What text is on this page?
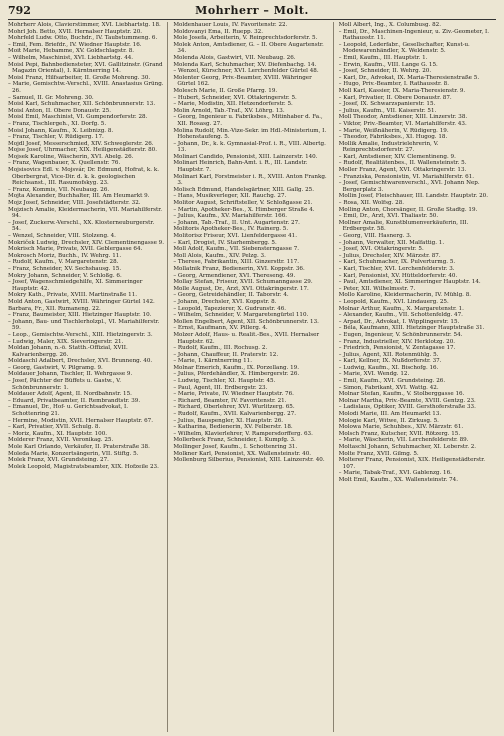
792	Mohrherr – Molt.

Mohrherr Alois, Clavierstimmer, XVI. Liebhartstg. 18.

Mohrl Joh. Betto, XVII. Hernalser Hauptstr. 20.

Mohrfeld Ludw. Otto, Buchdr., IV. Taubstummeng. 6.

– Emil, Fem. Briefdr., IV. Wiedner Hauptstr. 16.

Moit Marie, Hebamme, XV. Goldschlagstr. 8.

– Wilhelm, Maschinist, XVI. Liebhartstg. 44.

Moisl Pepi, Bahnbediensteter, XVI. Gallitzinstr. (Grand Magazin Oriental), I. Kärntnerring 14.

Moisl Franz, Hilfsarbeiter, II. Große Mohreng. 30.

– Marie, Gemischtw.-Verschl., XVIII. Anastasius Grüng. 26.

– Samuel, II. Gr. Mohreng. 30.

Moisl Karl, Schuhmacher, XII. Schönbrunnerstr. 13.

Moisl Anton, II. Obere Donaustr. 25.

Moisl Emil, Maschinist, VI. Gumpendorferstr. 28.

– Franz, Tischlergeh., XI. Dorfg. 5.

Moisl Johann, Kaufm., X. Leibnizg. 8.

– Franz, Tischler, V. Rüdigerg. 17.

Mojdl Josef, Messerschmied, XIV. Schweglerstr. 26.

Mojse Josef, Uhrmacher, XIX. Heiligenstädterstr. 80.

Mojsek Karoline, Wäscherin, XVI. Abelg. 26.

– Franz, Wagenbauer, X. Quellenstr. 76.

Mojsisovics Edl. v. Mojsvár, Dr. Edmund, Hofrat, k. k. Oberbergrat, Vice-Dir. d. k. k. geologischen Reichsanst., III. Rasumofskyg. 23.

– Franz, Kommis, VII. Neubaug. 26.

Mojta Alexander, Buchhalter, III. Am Heumarkt 9.

Mojz Josef, Schneider, VIII. Josefstädterstr. 32.

Mojzisch Amalie, Kleidermacherin, VII. Mariahilferstr. 94.

– Josef, Zuckerw.-Verschl., XX. Klosterneuburgerstr. 54.

– Wenzel, Schneider, VIII. Stolzeng. 4.

Mokriček Ludwig, Drechsler, XIV. Clementinengasse 9.

Mokrisch Marie, Private, XVII. Geblergasse 64.

Mokrosch Moriz, Buchh., IV. Wehrg. 11.

– Rudolf, Kaufm., V. Margaretenstr. 28.

– Franz, Schneider, XV. Sechshausg. 15.

Mokry Johann, Schneider, V. Schloßg. 6.

– Josef, Wagenschmiedgehilfe, XI. Simmeringer Hauptstr. 42.

Mokry Kath., Private, XVIII. Martinstraße 11.

Mold Anton, Gastwirt, XVIII. Währinger Gürtel 142.

Barbara, Fr., XII. Rumaneng. 22.

– Franz, Baumeister, XIII. Hietzinger Hauptstr. 10.

– Johann, Bau- und Tischlerholzpl., VI. Mariahilferstr. 59.

– Leop., Gemischtw.-Verschl., XIII. Hietzingerstr. 3.

– Ludwig, Maler, XIX. Sieveringerstr. 21.

Moldan Johann, n.-ö. Statth.-Offizial, XVII. Kalvarienbergg. 26.

Moldaschl Adalbert, Drechsler, XVI. Brunneng. 40.

– Georg, Gastwirt, V. Pilgramg. 9.

Moldauer Johann, Tischler, II. Wehrgasse 9.

– Josef, Pächter der Büffets u. Gastw., V. Schönbrunnerstr. 1.

Moldauer Adolf, Agent, II. Nordbahnstr. 15.

– Eduard, Privatbeamter, II. Rembrandtstr. 39.

– Emanuel, Dr., Hof- u. Gerichtsadvokat, I. Schottenring 21.

– Hermine, Modistin, XVII. Hernalser Hauptstr. 67.

– Karl, Privatier, XVII. Schulg. 8.

– Moriz, Kaufm., XI. Hauptstr. 100.

Molderer Franz, XVII. Veronikag. 25.

Mole Karl Orlando, Verkäufer, II. Praterstraße 38.

Moleda Marie, Konzertsängerin, VII. Stiftg. 5.

Molek Franz, XVI. Grundsteing. 27.

Molek Leopold, Magistratsbeamter, XIX. Hofzeile 23.

Moldenhauer Louis, IV. Favoritenstr. 22.

Moldovanyi Ema, II. Ruepp. 32.

Mole Josefa, Arbeiterin, V. Reinprechtsdorferstr. 5.

Molek Anton, Amtsdiener, G. – II. Obere Augartenstr. 34.

Molenda Alois, Gastwirt, VII. Neubaug. 26.

Molenda Karl, Schuhmacher, XV. Diefenbachg. 14.

– Wenzel, Kürschner, XVI. Lerchenfelder Gürtel 48.

Molenter Georg, Priv.-Beamter, XVIII. Währinger Gürtel 162.

Molesch Marie, II. Große Pfarrg. 19.

– Hubert, Schneider, XVI. Ottakringerstr. 5.

– Marie, Modistin, XII. Hetzendorferstr. 5.

Molin Arnold, Tab.-Traf., XV. Löhrg. 13.

– Georg, Ingenieur u. Fabriksbes., Mitinhaber d. Fa., XII. Rosasg. 27.

Molina Rudolf, Min.-Vize-Sekr. im Hdl.-Ministerium, I. Hohenstaufeng. 5.

– Johann, Dr., k. k. Gymnasial-Prof. i. R., VIII. Albertg. 13.

Molinari Candido, Pensionist, XIII. Lainzerstr. 140.

Molinari Heinrich, Bahn-Amt. i. R., III. Landstr. Hauptstr. 7.

Molinari Karl, Forstmeister i. R., XVIII. Anton Frankg. 3.

Molisch Edmund, Handelsgärtner, XIII. Gallg. 25.

– Hans, Musikverleger, XII. Rauchg. 27.

Molitor August, Schriftsteller, V. Schloßgasse 21.

– Martin, Apotheker-Bes., X. Himberger Straße 4.

– Julius, Kaufm., XV. Mariahilferstr. 166.

– Johann, Tab.-Traf., II. Unt. Augartenstr. 27.

Molitoris Apotheker-Bes., IV. Rainerg. 5.

Molitorisz Friseur, XVI. Lienfeldergasse 41.

– Karl, Drogist, IV. Starhembergg. 5.

Moll Adolf, Kaufm., VII. Siebensterngasse 7.

Moll Alois, Kaufm., XIV. Pelzg. 3.

– Therese, Fabrikantin, XIII. Ginzersttr. 117.

Mollatnik Franz, Bedienerin, XVI. Koppstr. 36.

– Georg, Armendiener, XVI. Thereseng. 49.

Mollay Stefan, Friseur, XVII. Schumanngasse 29.

Molle August, Dr., Arzt, XVI. Ottakringerstr. 17.

– Georg, Getreidehändler, II. Taborstr. 4.

– Johann, Drechsler, XVI. Koppstr. 8.

– Leopold, Tapezierer, X. Gudrunstr. 46.

– Wilhelm, Schneider, V. Margaretengürtel 110.

Mollen Engelbert, Agent, XII. Schönbrunnerstr. 13.

– Ernst, Kaufmann, XV. Pillerg. 4.

Molzer Adolf, Haus- u. Realit.-Bes., XVII. Hernalser Hauptstr. 62.

– Rudolf, Kaufm., III. Rochusg. 2.

– Johann, Chauffeur, II. Praterstr. 12.

– Marie, I. Kärntnerring 11.

Molnar Emerich, Kaufm., IX. Porzellang. 19.

– Julius, Pferdehändler, X. Himbergerstr. 26.

– Ludwig, Tischler, XI. Hauptstr. 45.

– Paul, Agent, III. Erdbergstr. 23.

– Marie, Private, IV. Wiedner Hauptstr. 76.

– Richard, Beamter, IV. Favoritenstr. 21.

– Richard, Oberlehrer, XVI. Wurlitzerg. 65.

– Rudolf, Kaufm., XVII. Kalvarienbergg. 27.

– Julius, Bauspengler, XI. Hauptstr. 26.

– Katharina, Bedienerin, XV. Felberstr. 18.

– Wilhelm, Klavierlehrer, V. Rampersdorfferg. 63.

Mollerbeck Franz, Schneider, I. Kumpfg. 3.

Mollinger Josef, Kaufm., I. Schottenring 31.

Molkner Karl, Pensionist, XX. Wallensteinstr. 40.

Mollenburg Silberius, Pensionist, XIII. Lainzerstr. 40.

Moll Albert, Ing., X. Columbusg. 82.

– Emil, Dr., Maschinen-Ingenieur, u. Ziv.-Geometer, I. Rathausstr. 11.

– Leopold, Lederfabr., Gesellschafter, Kunst-u. Modewarenhändler, X. Weldenstr. 5.

– Emil, Kaufm., III. Hauptstr. 1.

– Erwin, Kaufm., VIII. Lange G. 15.

– Josef, Schneider, II. Wehrg. 20.

– Karl, Dr., Advokat, IX. Maria-Theresienstraße 5.

– Hugo, Priv.-Beamter, I. Rathausstr. 8.

Moll Karl, Kassier, IX. Maria-Theresienstr. 9.

– Karl, Privatier, II. Obere Donaustr. 87.

– Josef, IX. Schwarzspanierstr. 15.

– Julius, Kaufm., VII. Kaiserstr. 51.

Moll Theodor, Amtsdiener, XIII. Linzerstr. 38.

– Viktor, Priv.-Beamter, VI. Mariahilferstr. 43.

– Marie, Weißnäherin, V. Rüdigerg. 19.

– Theodor, Fabriksbes., XI. Hugog. 18.

Mollik Amalie, Industrielehrerin, V. Reinprechtsdorferstr. 27.

– Karl, Amtsdiener, XIV. Clementineng. 9.

– Rudolf, Realitätenbes., II. Wallensteinstr. 5.

Moller Franz, Agent, XVI. Ottakringerstr. 13.

– Franziska, Pensionistin, VI. Mariahilferstr. 61.

– Josef, Gemischtwarenverschl., XVI. Johann Nep. Bergerplatz 3.

Mollin Josef, Fleischhauer, III. Landstr. Hauptstr. 20.

– Rosa, XII. Wolfsg. 28.

Molling Anton, Chorsänger, II. Große Stadtg. 19.

– Emil, Dr., Arzt, XVI. Thaliastr. 50.

Mollner Amalie, Kunstblumenverkäuferin, III. Erdbergstr. 58.

– Georg, VIII. Hasnerg. 3.

– Johann, Verwalter, XII. Malfattig. 1.

– Josef, XVI. Ottakringerstr. 5.

– Julius, Drechsler, XIV. Märzstr. 87.

– Karl, Schuhmacher, IX. Pulverturmg. 5.

– Karl, Tischler, XVI. Lerchenfelderstr. 3.

– Karl, Pensionist, XV. Hütteldorferstr. 40.

– Paul, Amtsdiener, XI. Simmeringer Hauptstr. 14.

– Peter, XII. Wilhelmsstr. 7.

Mollo Karoline, Kleidermacherin, IV. Mühlg. 8.

– Leopold, Kaufm., XVI. Lindauerg. 25.

Molnar Arthur, Kaufm., X. Margaretenstr. 1.

– Alexander, Kaufm., VII. Schottenfeldg. 47.

– Arpad, Dr., Advokat, I. Wipplingerstr. 15.

– Béla, Kaufmann, XIII. Hietzinger Hauptstraße 31.

– Eugen, Ingenieur, V. Schönbrunnerstr. 54.

– Franz, Industrieller, XIV. Herklotzg. 20.

– Friedrich, Pensionist, V. Zentagasse 17.

– Julius, Agent, XII. Rotenmühlg. 5.

– Karl, Kellner, IX. Nußdorferstr. 37.

– Ludwig, Kaufm., XI. Bischofg. 16.

– Marie, XVI. Wendg. 12.

– Emil, Kaufm., XVI. Grundsteing. 26.

– Simon, Fabrikant, XVI. Wattg. 42.

Molnar Stefan, Kaufm., V. Stolberggasse 16.

Molnar Martha, Priv.-Beamte, XVIII. Gentzg. 23.

– Ladislaus, Optiker, XVIII. Gersthoferstraße 33.

Molodi Marie, III. Am Heumarkt 13.

Mologie Karl, Witwe, II. Zirkusg. 5.

Molowa Marie, Schuhbes., XIV. Märzstr. 61.

Molsch Franz, Kutscher, XVII. Rötzerg. 15.

– Marie, Wäscherin, VII. Lerchenfelderstr. 89.

Moltaschl Johann, Schuhmacher, XI. Leberstr. 2.

Molte Franz, XVII. Gilmg. 5.

Molterer Franz, Pensionist, XIX. Heiligenstädterstr. 107.

– Marie, Tabak-Traf., XVI. Gablenzg. 16.

Molt Emil, Kaufm., XX. Wallensteinstr. 74.
